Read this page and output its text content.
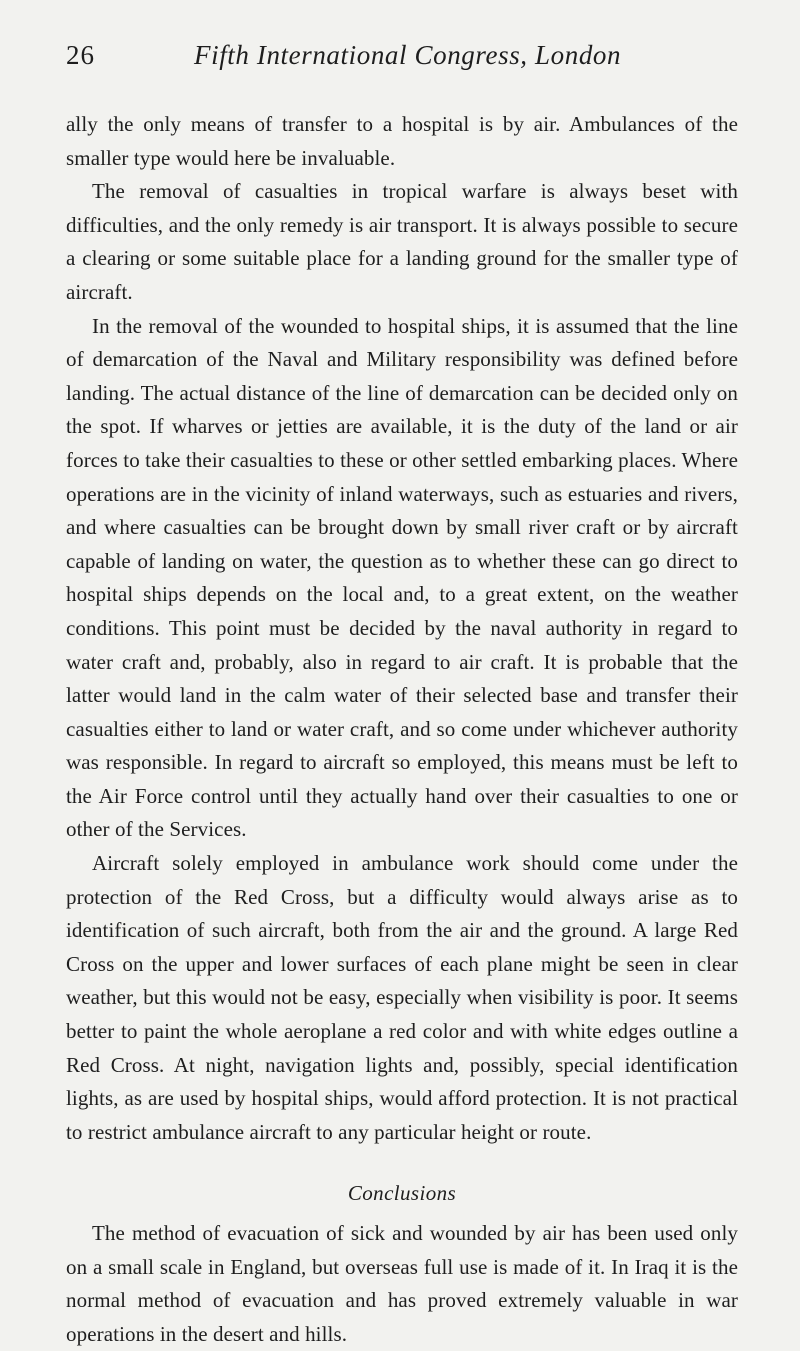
26	Fifth International Congress, London

ally the only means of transfer to a hospital is by air. Ambulances of the smaller type would here be invaluable.

The removal of casualties in tropical warfare is always beset with difficulties, and the only remedy is air transport. It is always possible to secure a clearing or some suitable place for a landing ground for the smaller type of aircraft.

In the removal of the wounded to hospital ships, it is assumed that the line of demarcation of the Naval and Military responsibility was defined before landing. The actual distance of the line of demarcation can be decided only on the spot. If wharves or jetties are available, it is the duty of the land or air forces to take their casualties to these or other settled embarking places. Where operations are in the vicinity of inland waterways, such as estuaries and rivers, and where casualties can be brought down by small river craft or by aircraft capable of landing on water, the question as to whether these can go direct to hospital ships depends on the local and, to a great extent, on the weather conditions. This point must be decided by the naval authority in regard to water craft and, probably, also in regard to air craft. It is probable that the latter would land in the calm water of their selected base and transfer their casualties either to land or water craft, and so come under whichever authority was responsible. In regard to aircraft so employed, this means must be left to the Air Force control until they actually hand over their casualties to one or other of the Services.

Aircraft solely employed in ambulance work should come under the protection of the Red Cross, but a difficulty would always arise as to identification of such aircraft, both from the air and the ground. A large Red Cross on the upper and lower surfaces of each plane might be seen in clear weather, but this would not be easy, especially when visibility is poor. It seems better to paint the whole aeroplane a red color and with white edges outline a Red Cross. At night, navigation lights and, possibly, special identification lights, as are used by hospital ships, would afford protection. It is not practical to restrict ambulance aircraft to any particular height or route.

Conclusions

The method of evacuation of sick and wounded by air has been used only on a small scale in England, but overseas full use is made of it. In Iraq it is the normal method of evacuation and has proved extremely valuable in war operations in the desert and hills.
